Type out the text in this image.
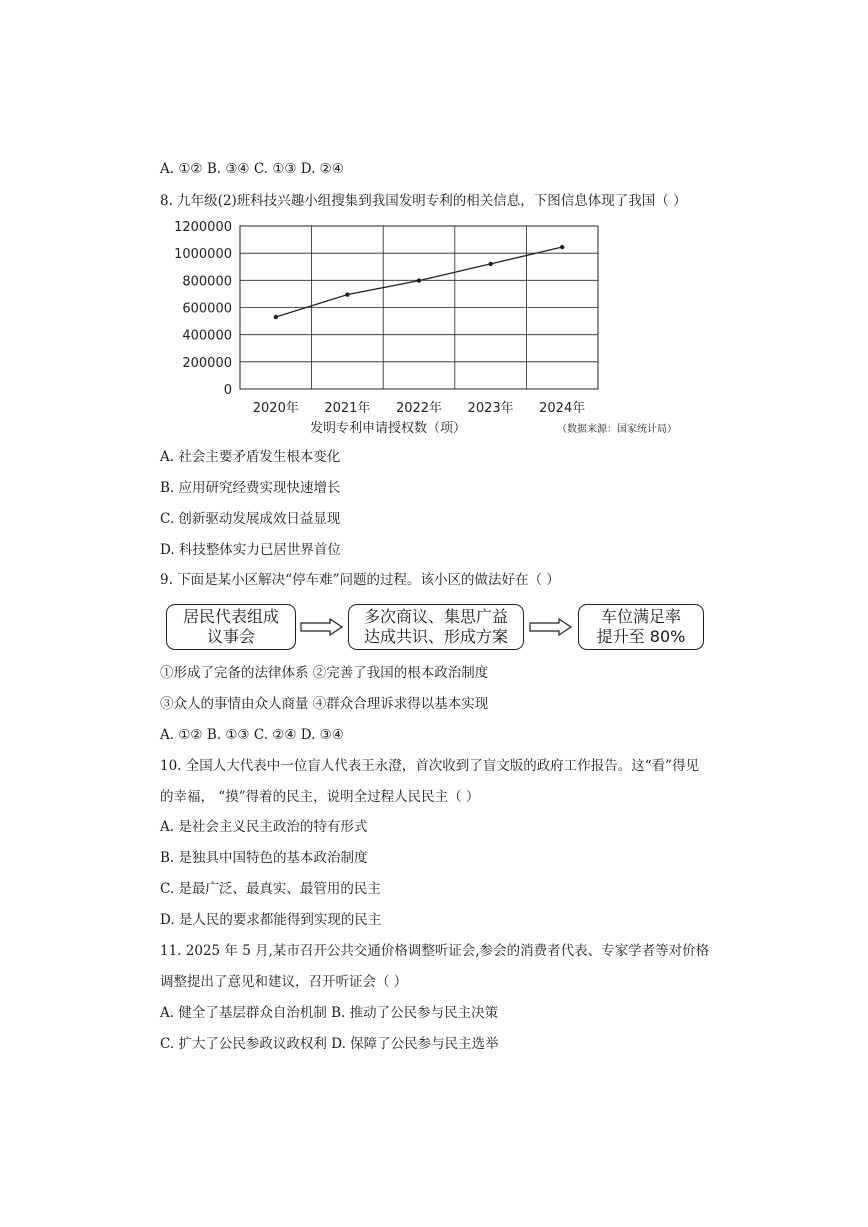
A. ①② B. ③④ C. ①③ D. ②④
8. 九年级(2)班科技兴趣小组搜集到我国发明专利的相关信息，下图信息体现了我国（ ）
1200000
1000000
800000
600000
400000
200000
0
2020年 2021年 2022年 2023年 2024年
发明专利申请授权数（项）	（数据来源：国家统计局）
A. 社会主要矛盾发生根本变化
B. 应用研究经费实现快速增长
C. 创新驱动发展成效日益显现
D. 科技整体实力已居世界首位
9. 下面是某小区解决“停车难”问题的过程。该小区的做法好在（ ）
居民代表组成
议事会
多次商议、集思广益
达成共识、形成方案
车位满足率
提升至 80%
①形成了完备的法律体系 ②完善了我国的根本政治制度
③众人的事情由众人商量 ④群众合理诉求得以基本实现
A. ①② B. ①③ C. ②④ D. ③④
10. 全国人大代表中一位盲人代表王永澄，首次收到了盲文版的政府工作报告。这“看”得见
的幸福， “摸”得着的民主，说明全过程人民民主（ ）
A. 是社会主义民主政治的特有形式
B. 是独具中国特色的基本政治制度
C. 是最广泛、最真实、最管用的民主
D. 是人民的要求都能得到实现的民主
11. 2025 年 5 月,某市召开公共交通价格调整听证会,参会的消费者代表、专家学者等对价格
调整提出了意见和建议，召开听证会（ ）
A. 健全了基层群众自治机制 B. 推动了公民参与民主决策
C. 扩大了公民参政议政权利 D. 保障了公民参与民主选举
